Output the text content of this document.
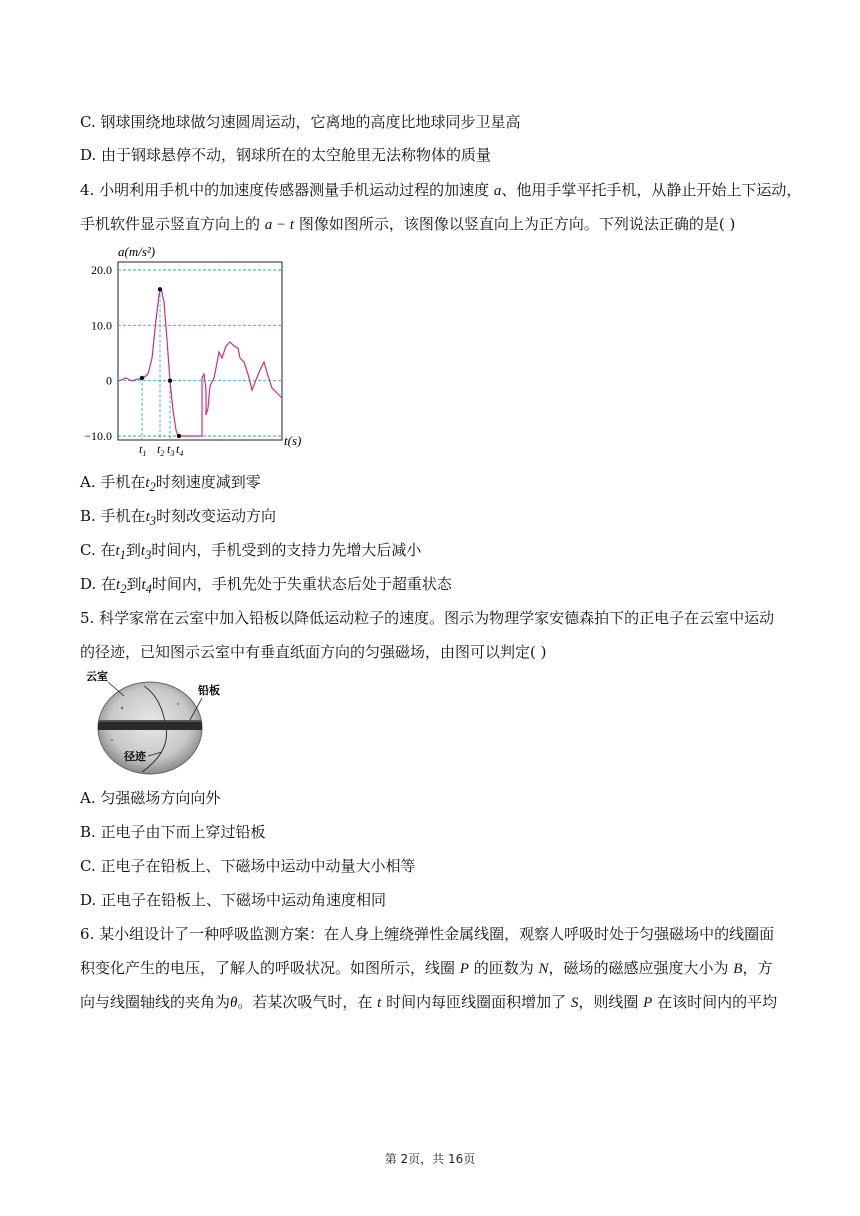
C. 钢球围绕地球做匀速圆周运动，它离地的高度比地球同步卫星高
D. 由于钢球悬停不动，钢球所在的太空舱里无法称物体的质量
4. 小明利用手机中的加速度传感器测量手机运动过程的加速度 a、他用手掌平托手机，从静止开始上下运动，
手机软件显示竖直方向上的 a − t 图像如图所示，该图像以竖直向上为正方向。下列说法正确的是( )
a(m/s²)
20.0
10.0
0
−10.0
$t_1$ $t_2$ $t_3$ $t_4$
t(s)
A. 手机在$t_2$时刻速度减到零
B. 手机在$t_3$时刻改变运动方向
C. 在$t_1$到$t_3$时间内，手机受到的支持力先增大后减小
D. 在$t_2$到$t_4$时间内，手机先处于失重状态后处于超重状态
5. 科学家常在云室中加入铅板以降低运动粒子的速度。图示为物理学家安德森拍下的正电子在云室中运动
的径迹，已知图示云室中有垂直纸面方向的匀强磁场，由图可以判定( )
云室
铅板
径迹
A. 匀强磁场方向向外
B. 正电子由下而上穿过铅板
C. 正电子在铅板上、下磁场中运动中动量大小相等
D. 正电子在铅板上、下磁场中运动角速度相同
6. 某小组设计了一种呼吸监测方案：在人身上缠绕弹性金属线圈，观察人呼吸时处于匀强磁场中的线圈面
积变化产生的电压，了解人的呼吸状况。如图所示，线圈 P 的匝数为 N，磁场的磁感应强度大小为 B，方
向与线圈轴线的夹角为θ。若某次吸气时，在 t 时间内每匝线圈面积增加了 S，则线圈 P 在该时间内的平均
第 2页，共 16页
